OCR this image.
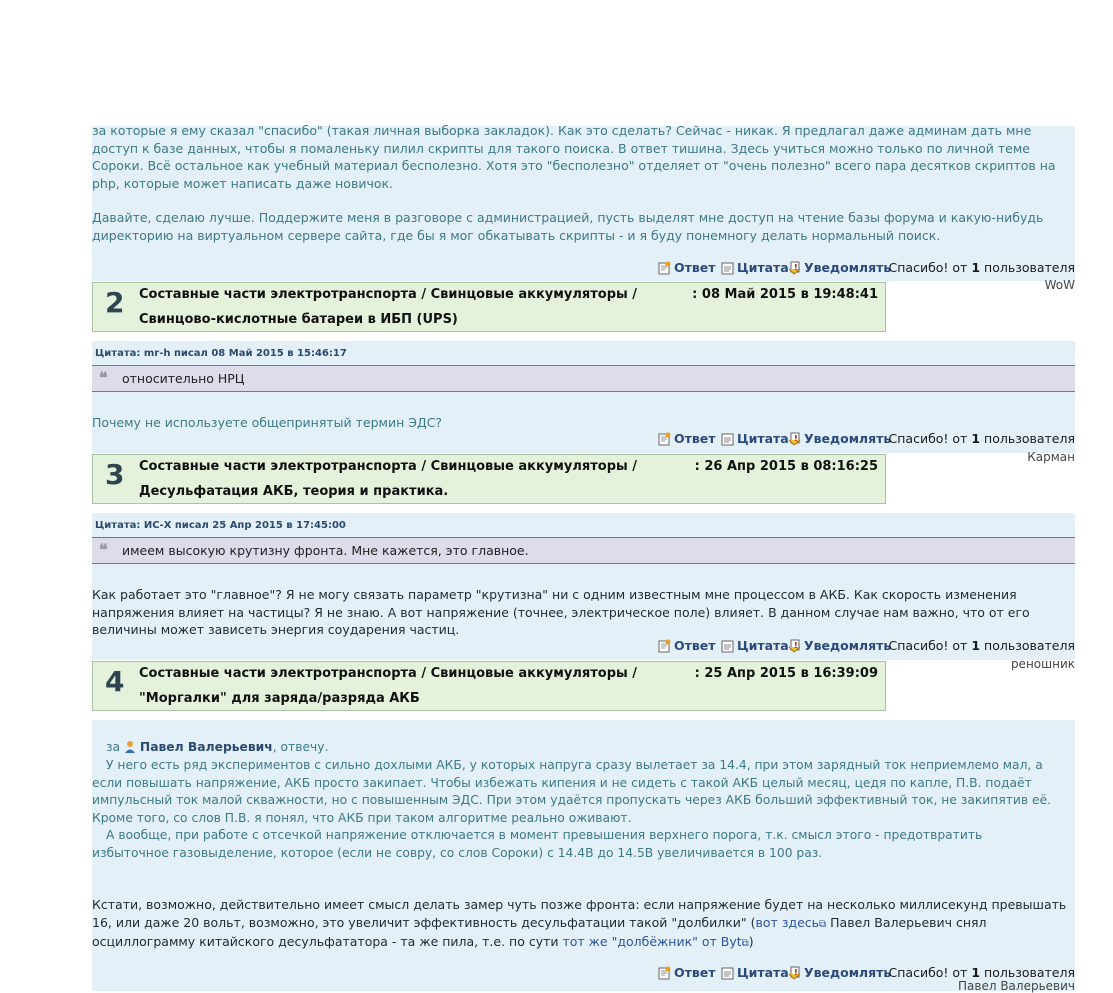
за которые я ему сказал "спасибо" (такая личная выборка закладок). Как это сделать? Сейчас - никак. Я предлагал даже админам дать мне

доступ к базе данных, чтобы я помаленьку пилил скрипты для такого поиска. В ответ тишина. Здесь учиться можно только по личной теме

Сороки. Всё остальное как учебный материал бесполезно. Хотя это "бесполезно" отделяет от "очень полезно" всего пара десятков скриптов на

php, которые может написать даже новичок.

Давайте, сделаю лучше. Поддержите меня в разговоре с администрацией, пусть выделят мне доступ на чтение базы форума и какую-нибудь

директорию на виртуальном сервере сайта, где бы я мог обкатывать скрипты - и я буду понемногу делать нормальный поиск.

Ответ	Цитата ! Уведомлять
Спасибо! от 1 пользователя
WoW
2 Составные части электротранспорта / Свинцовые аккумуляторы /
Свинцово-кислотные батареи в ИБП (UPS)
: 08 Май 2015 в 19:48:41
Цитата: mr-h писал 08 Май 2015 в 15:46:17
❝ относительно НРЦ

Почему не используете общепринятый термин ЭДС?

Ответ	Цитата ! Уведомлять
Спасибо! от 1 пользователя
Карман
3 Составные части электротранспорта / Свинцовые аккумуляторы /
Десульфатация АКБ, теория и практика.
: 26 Апр 2015 в 08:16:25
Цитата: ИС-Х писал 25 Апр 2015 в 17:45:00
❝ имеем высокую крутизну фронта. Мне кажется, это главное.

Как работает это "главное"? Я не могу связать параметр "крутизна" ни с одним известным мне процессом в АКБ. Как скорость изменения

напряжения влияет на частицы? Я не знаю. А вот напряжение (точнее, электрическое поле) влияет. В данном случае нам важно, что от его

величины может зависеть энергия соударения частиц.

Ответ	Цитата ! Уведомлять
Спасибо! от 1 пользователя
реношник
4 Составные части электротранспорта / Свинцовые аккумуляторы /
"Моргалки" для заряда/разряда АКБ
: 25 Апр 2015 в 16:39:09

за Павел Валерьевич, отвечу.

У него есть ряд экспериментов с сильно дохлыми АКБ, у которых напруга сразу вылетает за 14.4, при этом зарядный ток неприемлемо мал, а

если повышать напряжение, АКБ просто закипает. Чтобы избежать кипения и не сидеть с такой АКБ целый месяц, цедя по капле, П.В. подаёт

импульсный ток малой скважности, но с повышенным ЭДС. При этом удаётся пропускать через АКБ больший эффективный ток, не закипятив её.

Кроме того, со слов П.В. я понял, что АКБ при таком алгоритме реально оживают.

А вообще, при работе с отсечкой напряжение отключается в момент превышения верхнего порога, т.к. смысл этого - предотвратить

избыточное газовыделение, которое (если не совру, со слов Сороки) с 14.4В до 14.5В увеличивается в 100 раз.

Кстати, возможно, действительно имеет смысл делать замер чуть позже фронта: если напряжение будет на несколько миллисекунд превышать

16, или даже 20 вольт, возможно, это увеличит эффективность десульфатации такой "долбилки" (вот здесь⧉ Павел Валерьевич снял

осциллограмму китайского десульфататора - та же пила, т.е. по сути тот же "долбёжник" от Byt⧉)

Ответ	Цитата ! Уведомлять
Спасибо! от 1 пользователя
Павел Валерьевич
